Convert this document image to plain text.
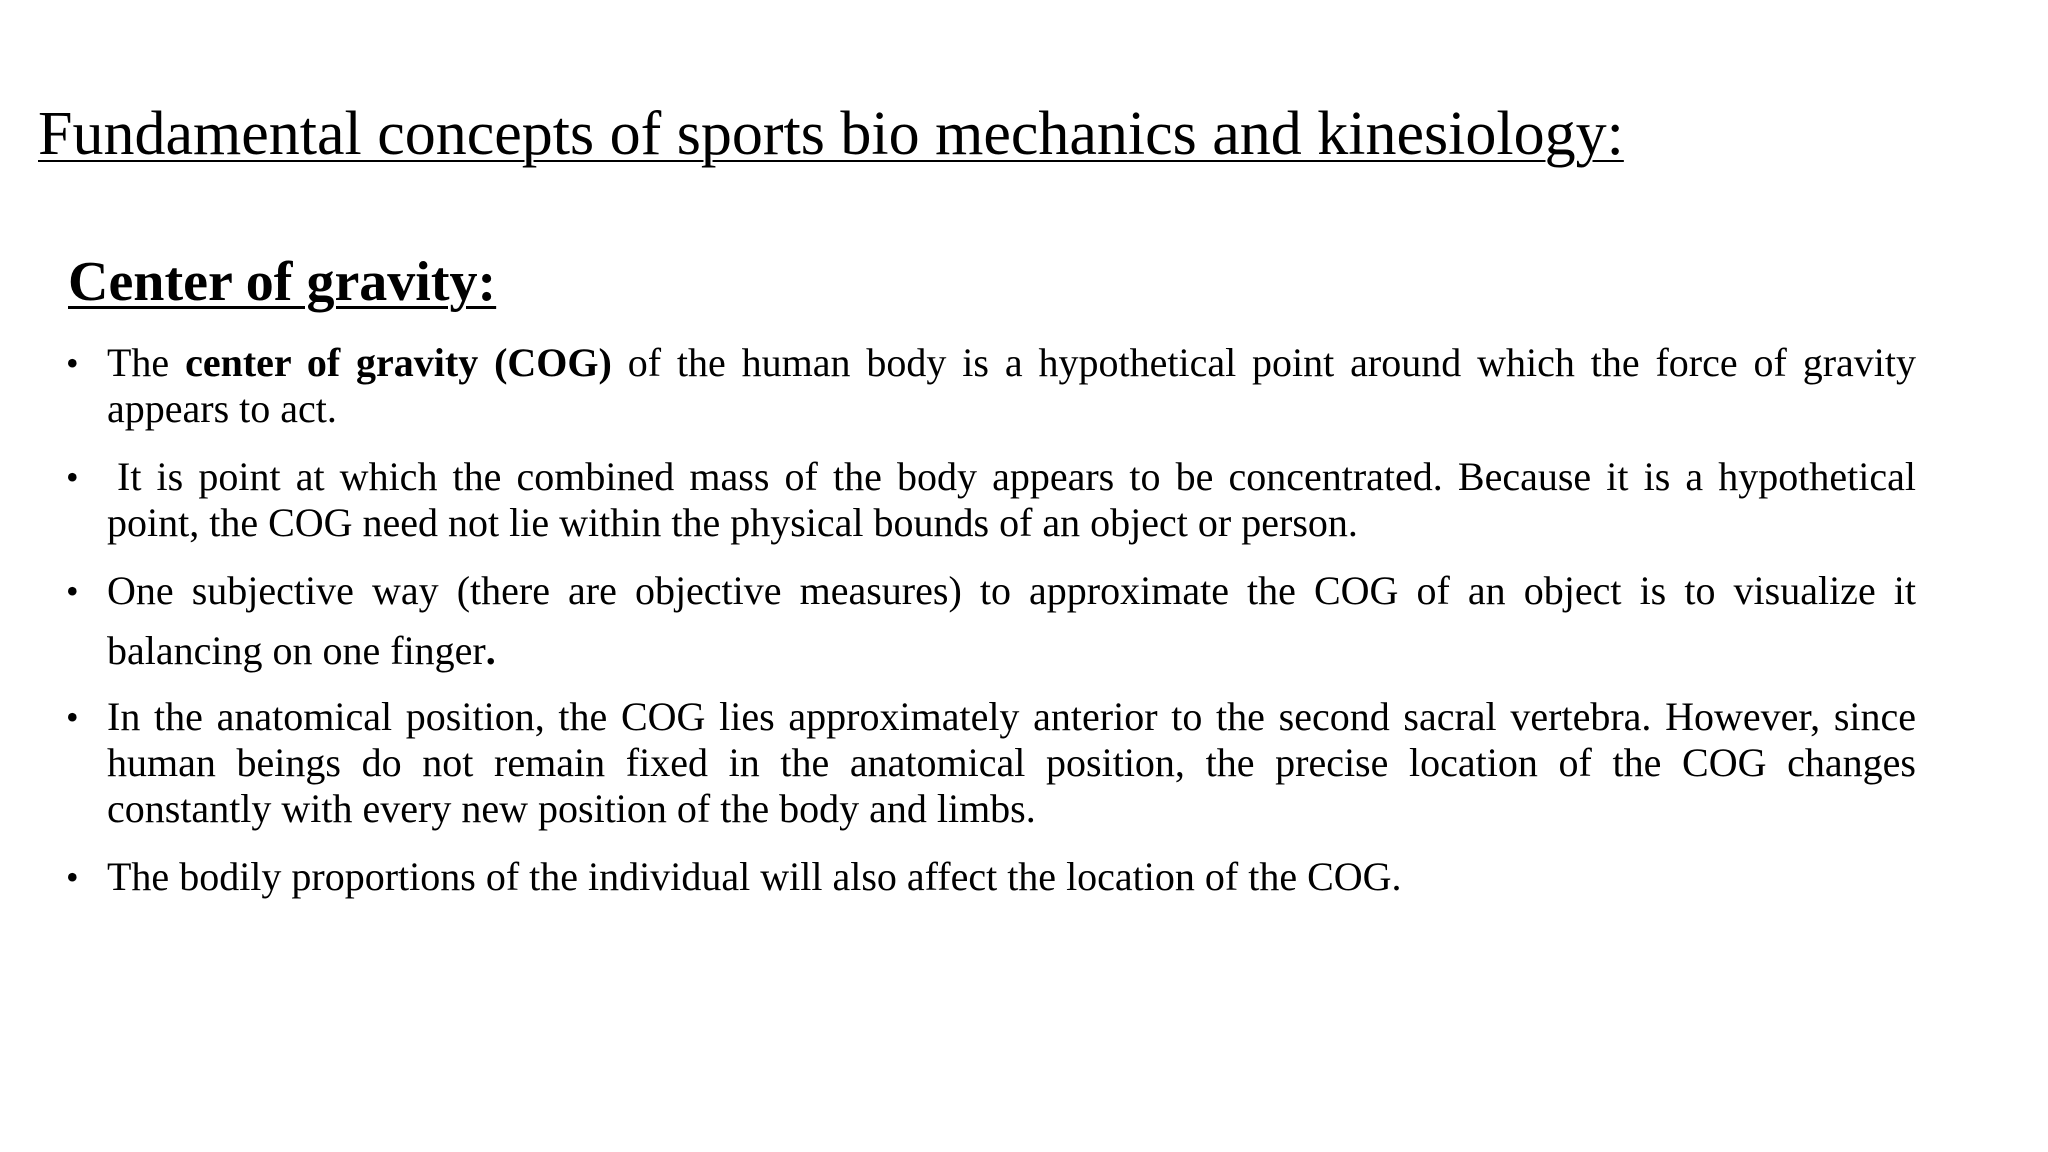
Fundamental concepts of sports bio mechanics and kinesiology:
Center of gravity:
• The center of gravity (COG) of the human body is a hypothetical point around which the force of gravity appears to act.
• It is point at which the combined mass of the body appears to be concentrated. Because it is a hypothetical point, the COG need not lie within the physical bounds of an object or person.
• One subjective way (there are objective measures) to approximate the COG of an object is to visualize it balancing on one finger.
• In the anatomical position, the COG lies approximately anterior to the second sacral vertebra. However, since human beings do not remain fixed in the anatomical position, the precise location of the COG changes constantly with every new position of the body and limbs.
• The bodily proportions of the individual will also affect the location of the COG.
